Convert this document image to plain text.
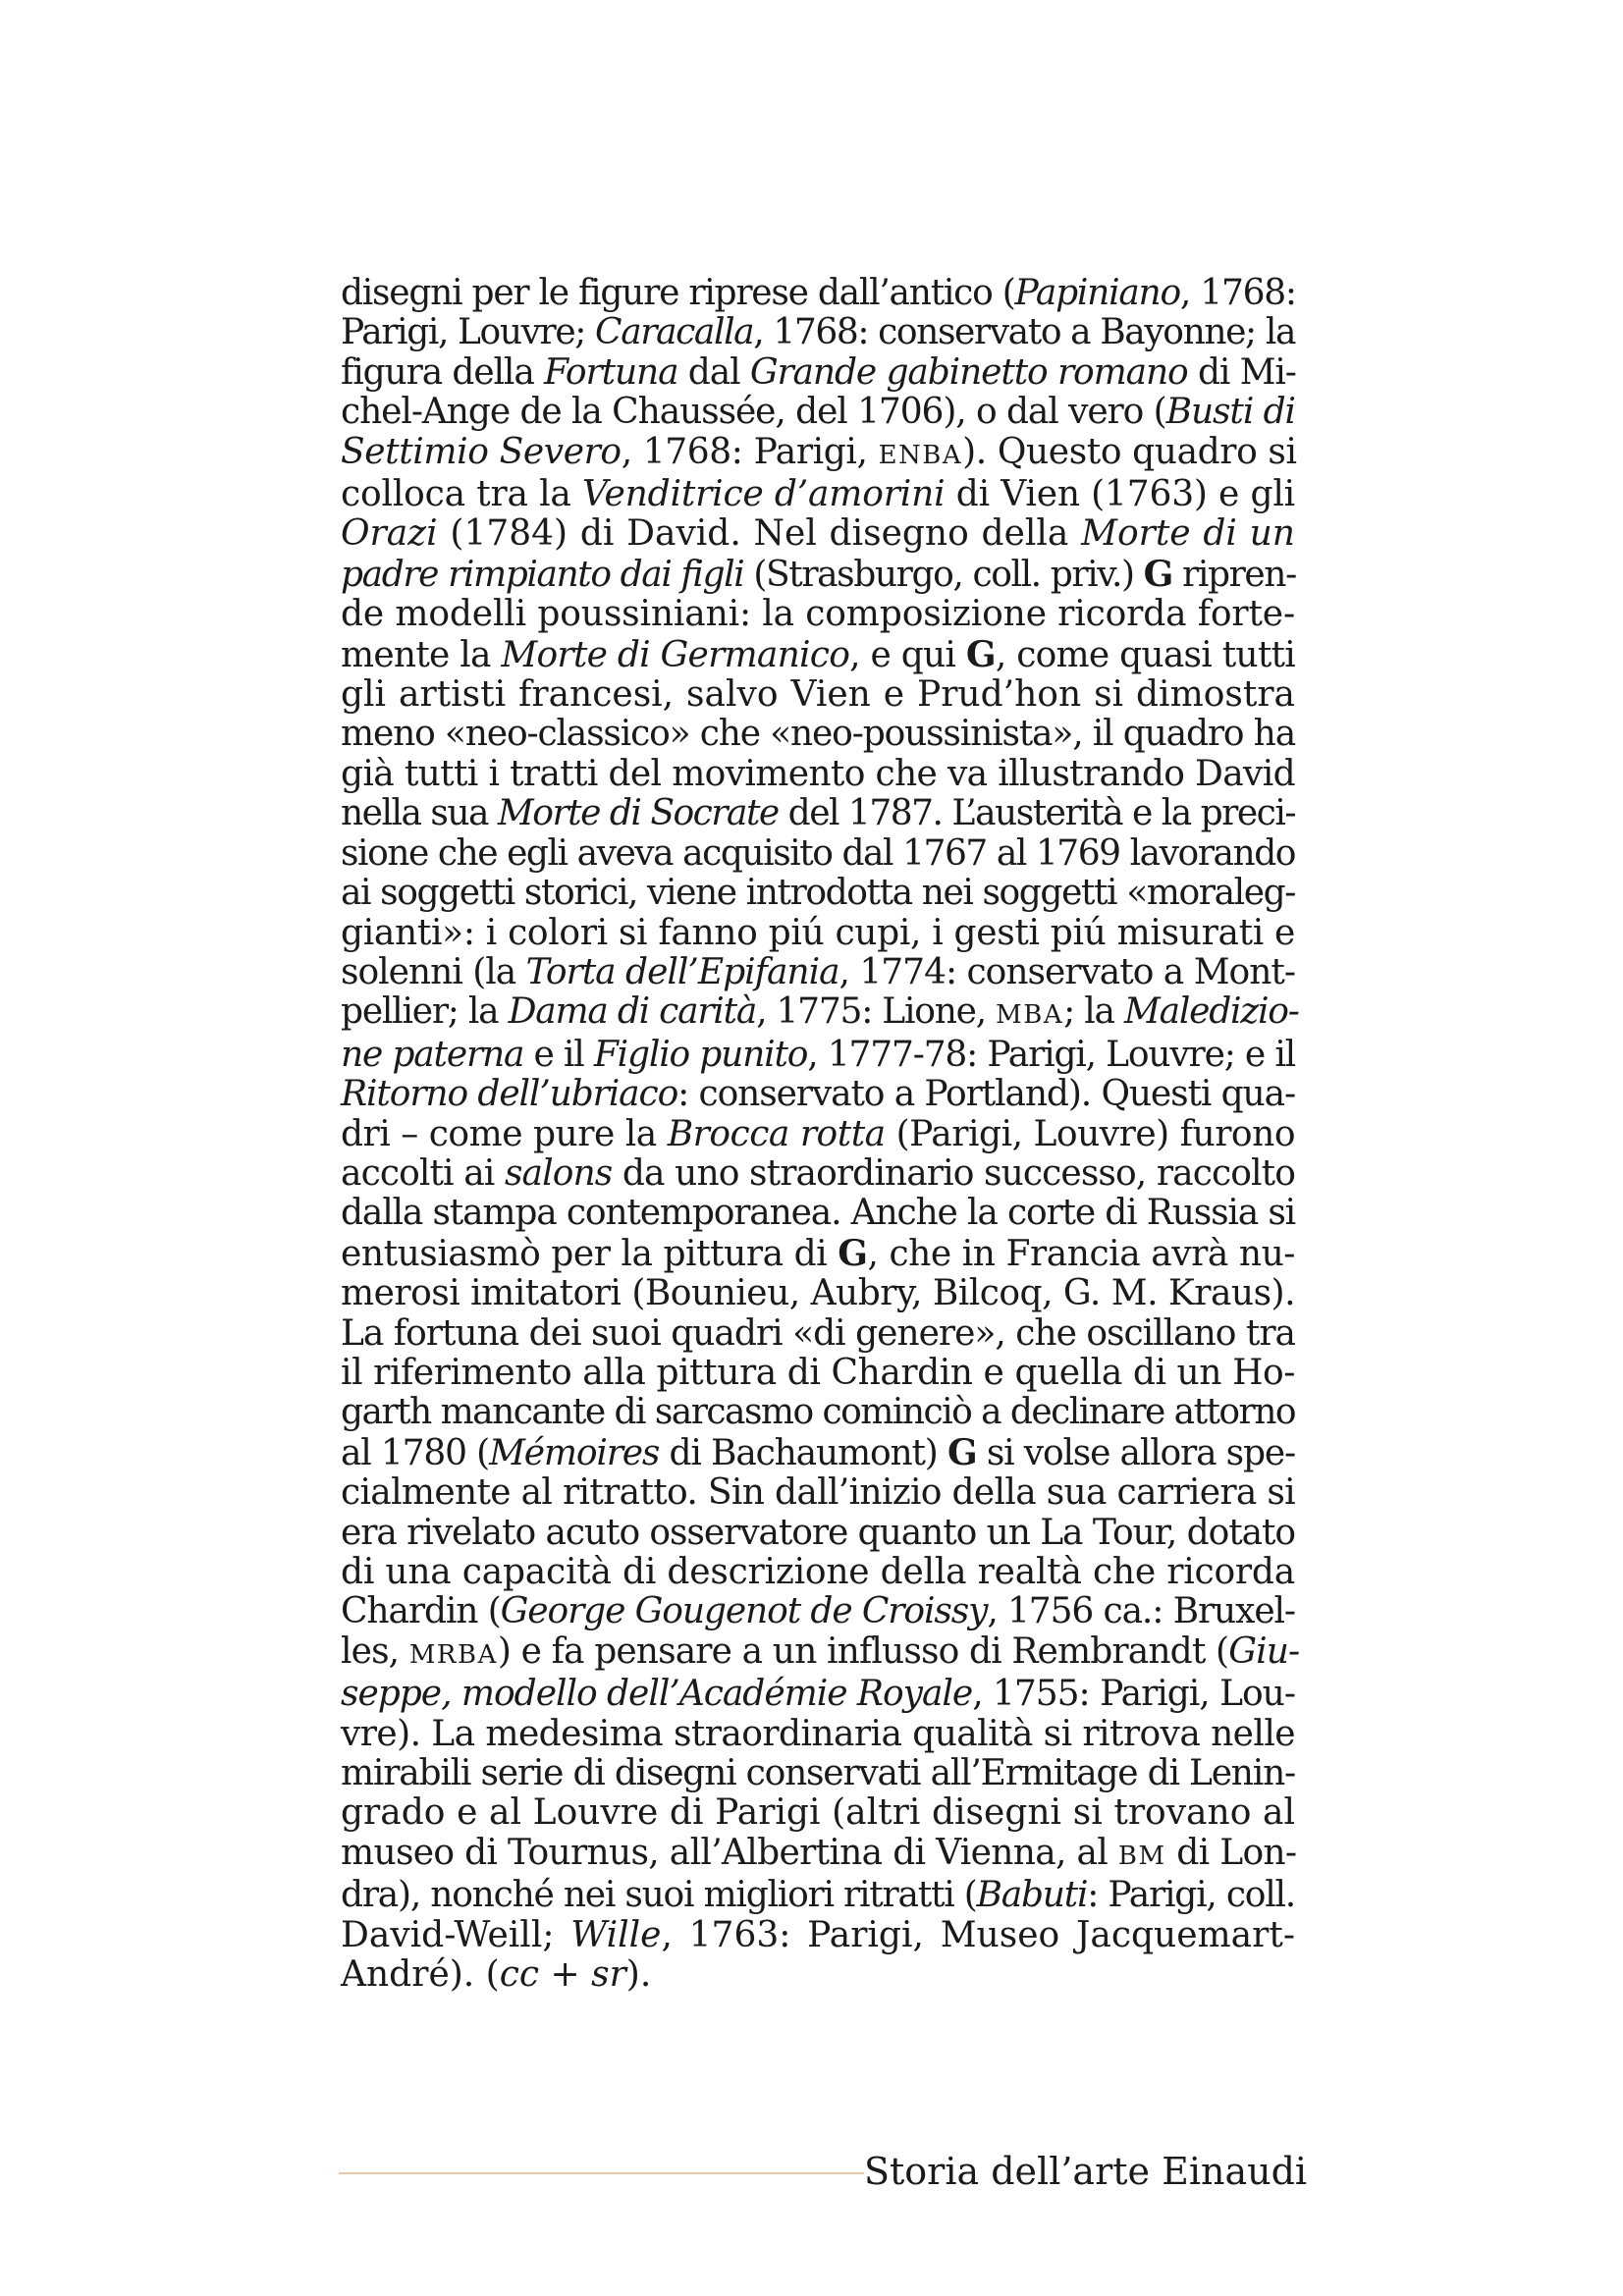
disegni per le figure riprese dall’antico (Papiniano, 1768:
Parigi, Louvre; Caracalla, 1768: conservato a Bayonne; la
figura della Fortuna dal Grande gabinetto romano di Mi-
chel-Ange de la Chaussée, del 1706), o dal vero (Busti di
Settimio Severo, 1768: Parigi, ENBA). Questo quadro si
colloca tra la Venditrice d’amorini di Vien (1763) e gli
Orazi (1784) di David. Nel disegno della Morte di un
padre rimpianto dai figli (Strasburgo, coll. priv.) G ripren-
de modelli poussiniani: la composizione ricorda forte-
mente la Morte di Germanico, e qui G, come quasi tutti
gli artisti francesi, salvo Vien e Prud’hon si dimostra
meno «neo-classico» che «neo-poussinista», il quadro ha
già tutti i tratti del movimento che va illustrando David
nella sua Morte di Socrate del 1787. L’austerità e la preci-
sione che egli aveva acquisito dal 1767 al 1769 lavorando
ai soggetti storici, viene introdotta nei soggetti «moraleg-
gianti»: i colori si fanno piú cupi, i gesti piú misurati e
solenni (la Torta dell’Epifania, 1774: conservato a Mont-
pellier; la Dama di carità, 1775: Lione, MBA; la Maledizio-
ne paterna e il Figlio punito, 1777-78: Parigi, Louvre; e il
Ritorno dell’ubriaco: conservato a Portland). Questi qua-
dri – come pure la Brocca rotta (Parigi, Louvre) furono
accolti ai salons da uno straordinario successo, raccolto
dalla stampa contemporanea. Anche la corte di Russia si
entusiasmò per la pittura di G, che in Francia avrà nu-
merosi imitatori (Bounieu, Aubry, Bilcoq, G. M. Kraus).
La fortuna dei suoi quadri «di genere», che oscillano tra
il riferimento alla pittura di Chardin e quella di un Ho-
garth mancante di sarcasmo cominciò a declinare attorno
al 1780 (Mémoires di Bachaumont) G si volse allora spe-
cialmente al ritratto. Sin dall’inizio della sua carriera si
era rivelato acuto osservatore quanto un La Tour, dotato
di una capacità di descrizione della realtà che ricorda
Chardin (George Gougenot de Croissy, 1756 ca.: Bruxel-
les, MRBA) e fa pensare a un influsso di Rembrandt (Giu-
seppe, modello dell’Académie Royale, 1755: Parigi, Lou-
vre). La medesima straordinaria qualità si ritrova nelle
mirabili serie di disegni conservati all’Ermitage di Lenin-
grado e al Louvre di Parigi (altri disegni si trovano al
museo di Tournus, all’Albertina di Vienna, al BM di Lon-
dra), nonché nei suoi migliori ritratti (Babuti: Parigi, coll.
David-Weill; Wille, 1763: Parigi, Museo Jacquemart-
André). (cc + sr).
Storia dell’arte Einaudi
